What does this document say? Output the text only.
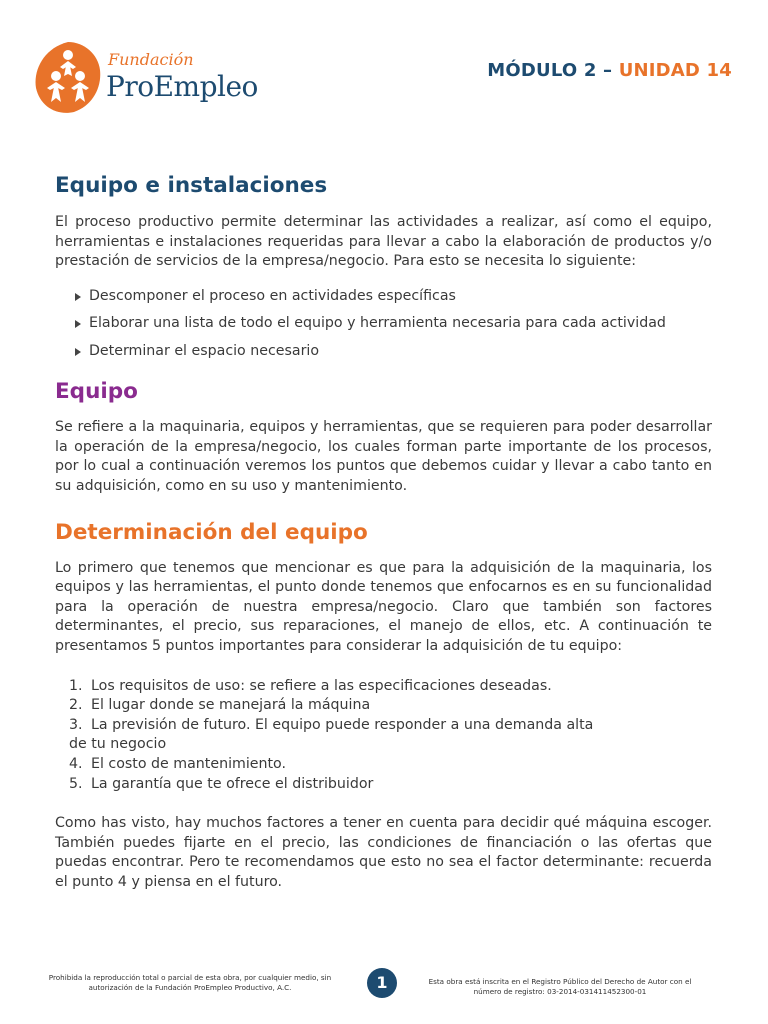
Fundación
ProEmpleo	MÓDULO 2 – UNIDAD 14
Equipo e instalaciones

El proceso productivo permite determinar las actividades a realizar, así como el equipo, herramientas e instalaciones requeridas para llevar a cabo la elaboración de productos y/o prestación de servicios de la empresa/negocio. Para esto se necesita lo siguiente:

Descomponer el proceso en actividades específicas
Elaborar una lista de todo el equipo y herramienta necesaria para cada actividad
Determinar el espacio necesario
Equipo

Se refiere a la maquinaria, equipos y herramientas, que se requieren para poder desarrollar la operación de la empresa/negocio, los cuales forman parte importante de los procesos, por lo cual a continuación veremos los puntos que debemos cuidar y llevar a cabo tanto en su adquisición, como en su uso y mantenimiento.

Determinación del equipo

Lo primero que tenemos que mencionar es que para la adquisición de la maquinaria, los equipos y las herramientas, el punto donde tenemos que enfocarnos es en su funcionalidad para la operación de nuestra empresa/negocio. Claro que también son factores determinantes, el precio, sus reparaciones, el manejo de ellos, etc. A continuación te presentamos 5 puntos importantes para considerar la adquisición de tu equipo:

1. Los requisitos de uso: se refiere a las especificaciones deseadas.
2. El lugar donde se manejará la máquina
3. La previsión de futuro. El equipo puede responder a una demanda alta
de tu negocio
4. El costo de mantenimiento.
5. La garantía que te ofrece el distribuidor

Como has visto, hay muchos factores a tener en cuenta para decidir qué máquina escoger. También puedes fijarte en el precio, las condiciones de financiación o las ofertas que puedas encontrar. Pero te recomendamos que esto no sea el factor determinante: recuerda el punto 4 y piensa en el futuro.

Prohibida la reproducción total o parcial de esta obra, por cualquier medio, sin autorización de la Fundación ProEmpleo Productivo, A.C.	1	Esta obra está inscrita en el Registro Público del Derecho de Autor con el número de registro: 03-2014-031411452300-01
